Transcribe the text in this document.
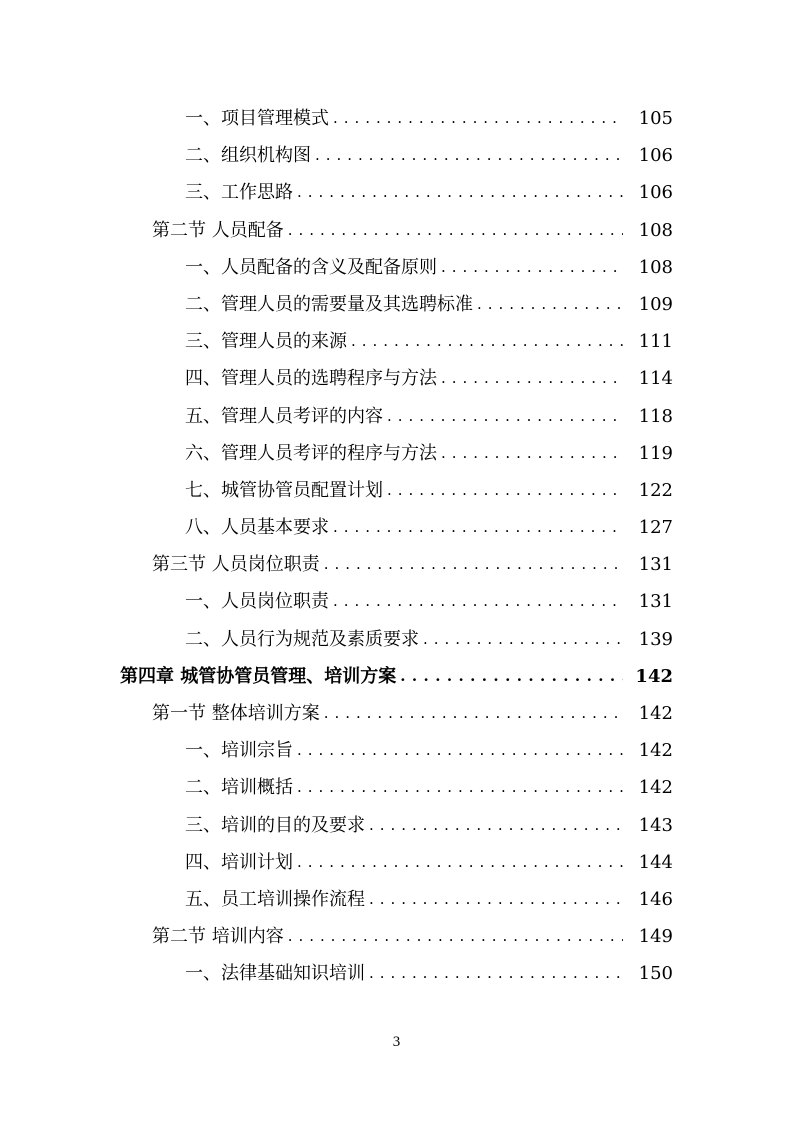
一、项目管理模式 . . .	105
二、组织机构图 . . .	106
三、工作思路 . . .	106
第二节 人员配备 . . .	108
一、人员配备的含义及配备原则 . . .	108
二、管理人员的需要量及其选聘标准 . . .	109
三、管理人员的来源 . . .	111
四、管理人员的选聘程序与方法 . . .	114
五、管理人员考评的内容 . . .	118
六、管理人员考评的程序与方法 . . .	119
七、城管协管员配置计划 . . .	122
八、人员基本要求 . . .	127
第三节 人员岗位职责 . . .	131
一、人员岗位职责 . . .	131
二、人员行为规范及素质要求 . . .	139
第四章 城管协管员管理、培训方案 . . .	142
第一节 整体培训方案 . . .	142
一、培训宗旨 . . .	142
二、培训概括 . . .	142
三、培训的目的及要求 . . .	143
四、培训计划 . . .	144
五、员工培训操作流程 . . .	146
第二节 培训内容 . . .	149
一、法律基础知识培训 . . .	150
3
